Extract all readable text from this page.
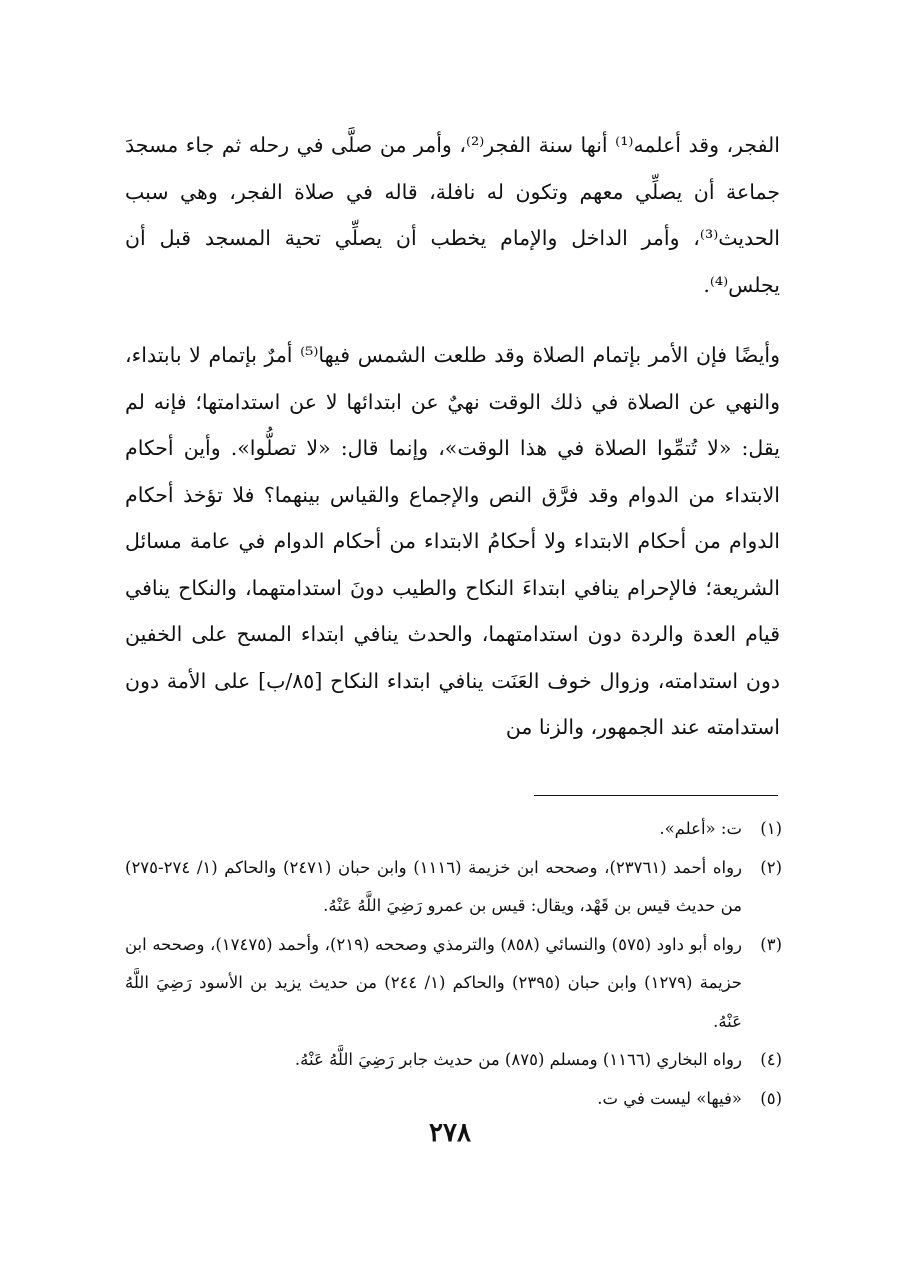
الفجر، وقد أعلمه⁽¹⁾ أنها سنة الفجر⁽²⁾، وأمر من صلَّى في رحله ثم جاء مسجدَ جماعة أن يصلِّي معهم وتكون له نافلة، قاله في صلاة الفجر، وهي سبب الحديث⁽³⁾، وأمر الداخل والإمام يخطب أن يصلِّي تحية المسجد قبل أن يجلس⁽⁴⁾.

وأيضًا فإن الأمر بإتمام الصلاة وقد طلعت الشمس فيها⁽⁵⁾ أمرٌ بإتمام لا بابتداء، والنهي عن الصلاة في ذلك الوقت نهيٌ عن ابتدائها لا عن استدامتها؛ فإنه لم يقل: «لا تُتمِّوا الصلاة في هذا الوقت»، وإنما قال: «لا تصلُّوا». وأين أحكام الابتداء من الدوام وقد فرَّق النص والإجماع والقياس بينهما؟ فلا تؤخذ أحكام الدوام من أحكام الابتداء ولا أحكامُ الابتداء من أحكام الدوام في عامة مسائل الشريعة؛ فالإحرام ينافي ابتداءَ النكاح والطيب دونَ استدامتهما، والنكاح ينافي قيام العدة والردة دون استدامتهما، والحدث ينافي ابتداء المسح على الخفين دون استدامته، وزوال خوف العَنَت ينافي ابتداء النكاح [٨٥/ب] على الأمة دون استدامته عند الجمهور، والزنا من

(١)
ت: «أعلم».
(٢)
رواه أحمد (٢٣٧٦١)، وصححه ابن خزيمة (١١١٦) وابن حبان (٢٤٧١) والحاكم (١/ ٢٧٤-٢٧٥) من حديث قيس بن قَهْد، ويقال: قيس بن عمرو رَضِيَ اللَّهُ عَنْهُ.
(٣)
رواه أبو داود (٥٧٥) والنسائي (٨٥٨) والترمذي وصححه (٢١٩)، وأحمد (١٧٤٧٥)، وصححه ابن حزيمة (١٢٧٩) وابن حبان (٢٣٩٥) والحاكم (١/ ٢٤٤) من حديث يزيد بن الأسود رَضِيَ اللَّهُ عَنْهُ.
(٤)
رواه البخاري (١١٦٦) ومسلم (٨٧٥) من حديث جابر رَضِيَ اللَّهُ عَنْهُ.
(٥)
«فيها» ليست في ت.
٢٧٨
